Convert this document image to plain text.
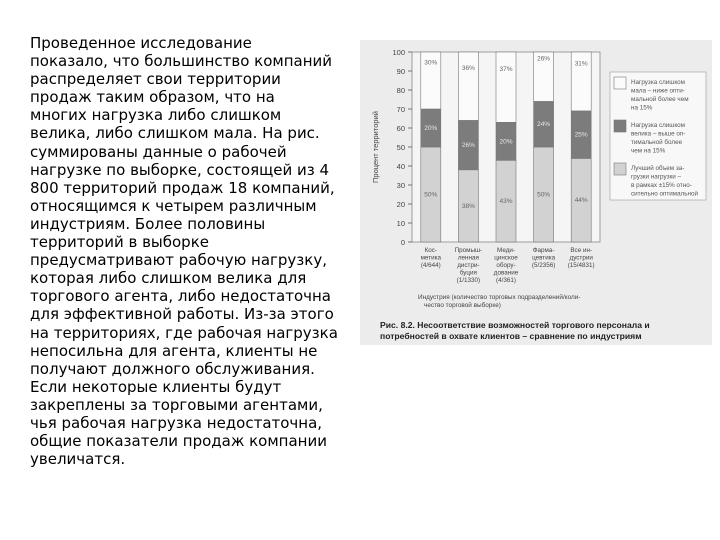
Проведенное исследование
показало, что большинство компаний
распределяет свои территории
продаж таким образом, что на
многих нагрузка либо слишком
велика, либо слишком мала. На рис.
суммированы данные о рабочей
нагрузке по выборке, состоящей из 4
800 территорий продаж 18 компаний,
относящимся к четырем различным
индустриям. Более половины
территорий в выборке
предусматривают рабочую нагрузку,
которая либо слишком велика для
торгового агента, либо недостаточна
для эффективной работы. Из-за этого
на территориях, где рабочая нагрузка
непосильна для агента, клиенты не
получают должного обслуживания.
Если некоторые клиенты будут
закреплены за торговыми агентами,
чья рабочая нагрузка недостаточна,
общие показатели продаж компании
увеличатся.
0
10
20
30
40
50
60
70
80
90
100
Процент территорий
50%
20%
30%
Кос-
метика
(4/644)
38%
26%
36%
Промыш-
ленная
дистри-
буция
(1/1330)
43%
20%
37%
Меди-
цинское
обору-
дование
(4/361)
50%
24%
26%
Фарма-
цевтика
(5/2356)
44%
25%
31%
Все ин-
дустрии
(15/4831)
Нагрузка слишком
мала – ниже опти-
мальной более чем
на 15%
Нагрузка слишком
велика – выше оп-
тимальной более
чем на 15%
Лучший объем за-
грузки нагрузки –
в рамках ±15% отно-
сительно оптимальной
Индустрия (количество торговых подразделений/коли-
чество торговой выборке)
Рис. 8.2. Несоответствие возможностей торгового персонала и
потребностей в охвате клиентов – сравнение по индустриям
